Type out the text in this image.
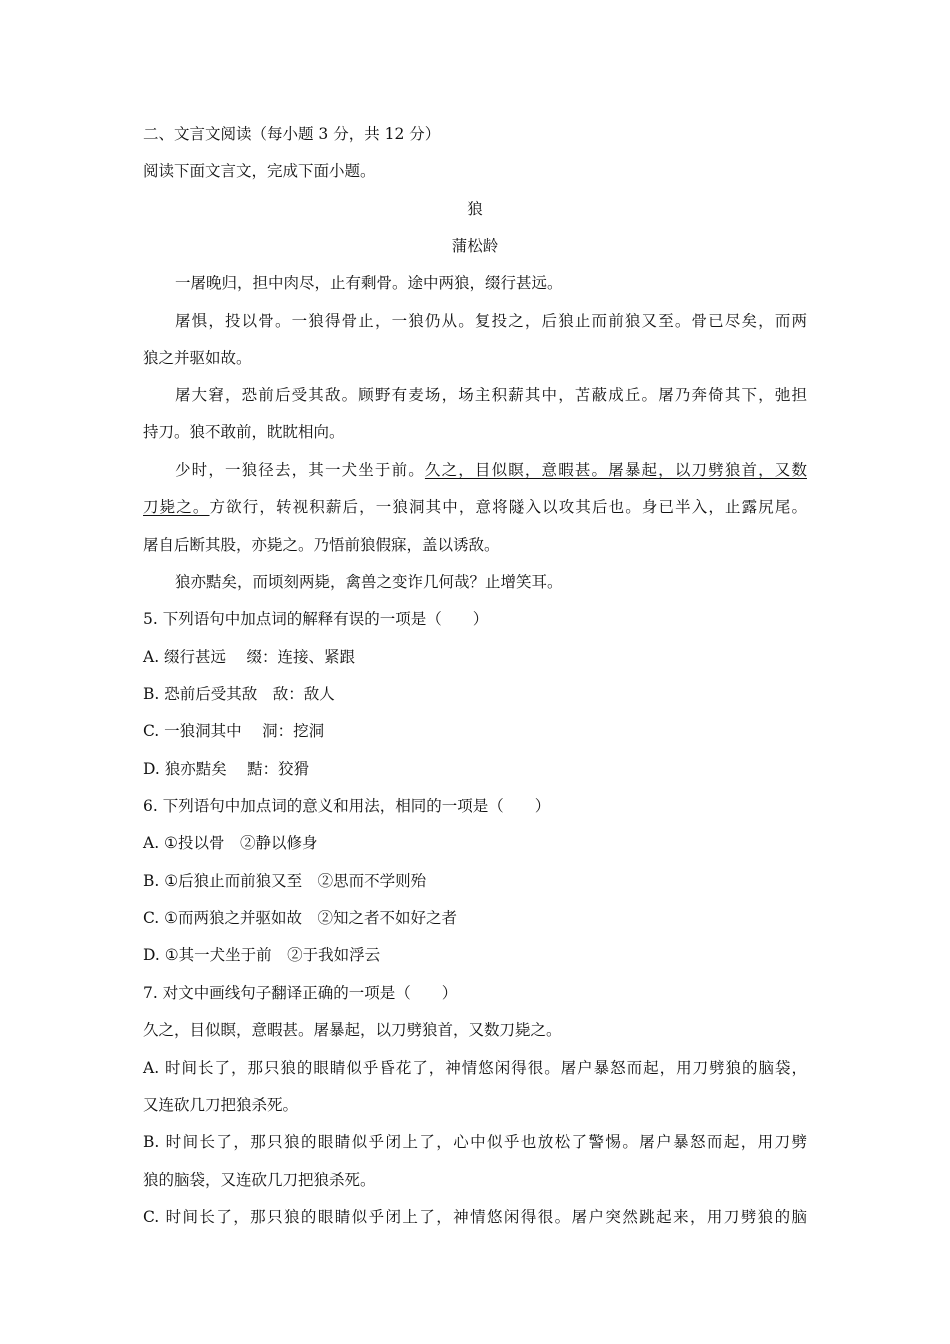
二、文言文阅读（每小题 3 分，共 12 分）
阅读下面文言文，完成下面小题。
狼
蒲松龄
一屠晚归，担中肉尽，止有剩骨。途中两狼，缀行甚远。
屠惧，投以骨。一狼得骨止，一狼仍从。复投之，后狼止而前狼又至。骨已尽矣，而两
狼之并驱如故。
屠大窘，恐前后受其敌。顾野有麦场，场主积薪其中，苫蔽成丘。屠乃奔倚其下，弛担
持刀。狼不敢前，眈眈相向。
少时，一狼径去，其一犬坐于前。久之，目似瞑，意暇甚。屠暴起，以刀劈狼首，又数
刀毙之。方欲行，转视积薪后，一狼洞其中，意将隧入以攻其后也。身已半入，止露尻尾。
屠自后断其股，亦毙之。乃悟前狼假寐，盖以诱敌。
狼亦黠矣，而顷刻两毙，禽兽之变诈几何哉？止增笑耳。
5. 下列语句中加点词的解释有误的一项是（　　）
A. 缀行甚远　 缀：连接、紧跟
B. 恐前后受其敌　敌：敌人
C. 一狼洞其中　 洞：挖洞
D. 狼亦黠矣　 黠：狡猾
6. 下列语句中加点词的意义和用法，相同的一项是（　　）
A. ①投以骨　②静以修身
B. ①后狼止而前狼又至　②思而不学则殆
C. ①而两狼之并驱如故　②知之者不如好之者
D. ①其一犬坐于前　②于我如浮云
7. 对文中画线句子翻译正确的一项是（　　）
久之，目似瞑，意暇甚。屠暴起，以刀劈狼首，又数刀毙之。
A. 时间长了，那只狼的眼睛似乎昏花了，神情悠闲得很。屠户暴怒而起，用刀劈狼的脑袋，
又连砍几刀把狼杀死。
B. 时间长了，那只狼的眼睛似乎闭上了，心中似乎也放松了警惕。屠户暴怒而起，用刀劈
狼的脑袋，又连砍几刀把狼杀死。
C. 时间长了，那只狼的眼睛似乎闭上了，神情悠闲得很。屠户突然跳起来，用刀劈狼的脑
